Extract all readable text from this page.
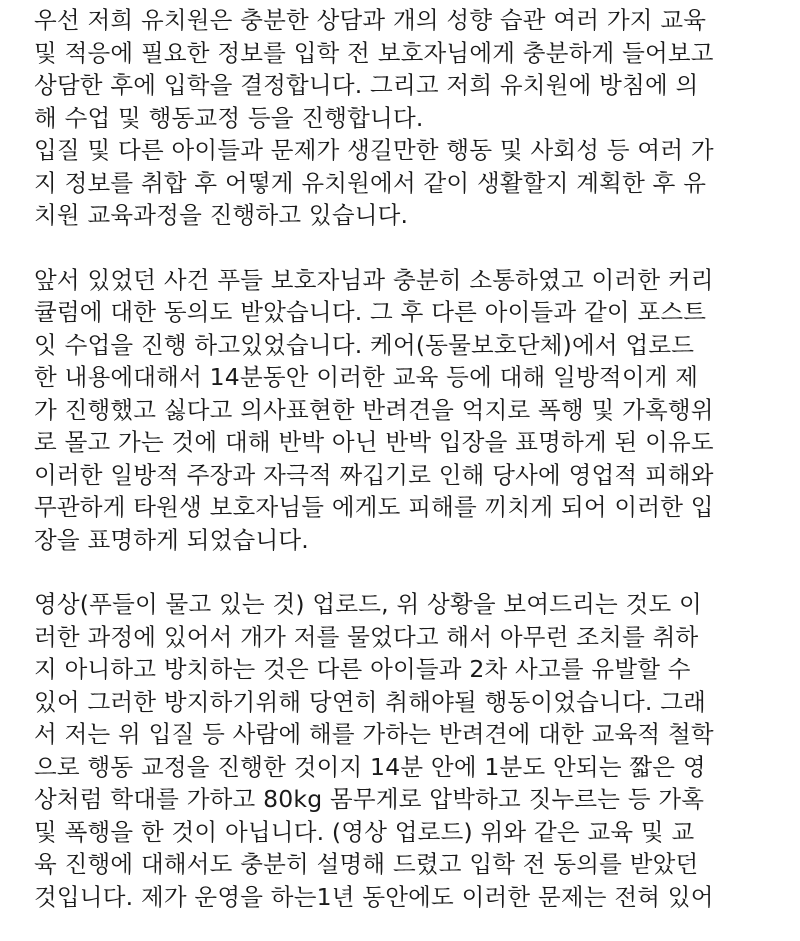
우선 저희 유치원은 충분한 상담과 개의 성향 습관 여러 가지 교육
및 적응에 필요한 정보를 입학 전 보호자님에게 충분하게 들어보고
상담한 후에 입학을 결정합니다. 그리고 저희 유치원에 방침에 의
해 수업 및 행동교정 등을 진행합니다.
입질 및 다른 아이들과 문제가 생길만한 행동 및 사회성 등 여러 가
지 정보를 취합 후 어떻게 유치원에서 같이 생활할지 계획한 후 유
치원 교육과정을 진행하고 있습니다.
앞서 있었던 사건 푸들 보호자님과 충분히 소통하였고 이러한 커리
큘럼에 대한 동의도 받았습니다. 그 후 다른 아이들과 같이 포스트
잇 수업을 진행 하고있었습니다. 케어(동물보호단체)에서 업로드
한 내용에대해서 14분동안 이러한 교육 등에 대해 일방적이게 제
가 진행했고 싫다고 의사표현한 반려견을 억지로 폭행 및 가혹행위
로 몰고 가는 것에 대해 반박 아닌 반박 입장을 표명하게 된 이유도
이러한 일방적 주장과 자극적 짜깁기로 인해 당사에 영업적 피해와
무관하게 타원생 보호자님들 에게도 피해를 끼치게 되어 이러한 입
장을 표명하게 되었습니다.
영상(푸들이 물고 있는 것) 업로드, 위 상황을 보여드리는 것도 이
러한 과정에 있어서 개가 저를 물었다고 해서 아무런 조치를 취하
지 아니하고 방치하는 것은 다른 아이들과 2차 사고를 유발할 수
있어 그러한 방지하기위해 당연히 취해야될 행동이었습니다. 그래
서 저는 위 입질 등 사람에 해를 가하는 반려견에 대한 교육적 철학
으로 행동 교정을 진행한 것이지 14분 안에 1분도 안되는 짧은 영
상처럼 학대를 가하고 80kg 몸무게로 압박하고 짓누르는 등 가혹
및 폭행을 한 것이 아닙니다. (영상 업로드) 위와 같은 교육 및 교
육 진행에 대해서도 충분히 설명해 드렸고 입학 전 동의를 받았던
것입니다. 제가 운영을 하는1년 동안에도 이러한 문제는 전혀 있어
